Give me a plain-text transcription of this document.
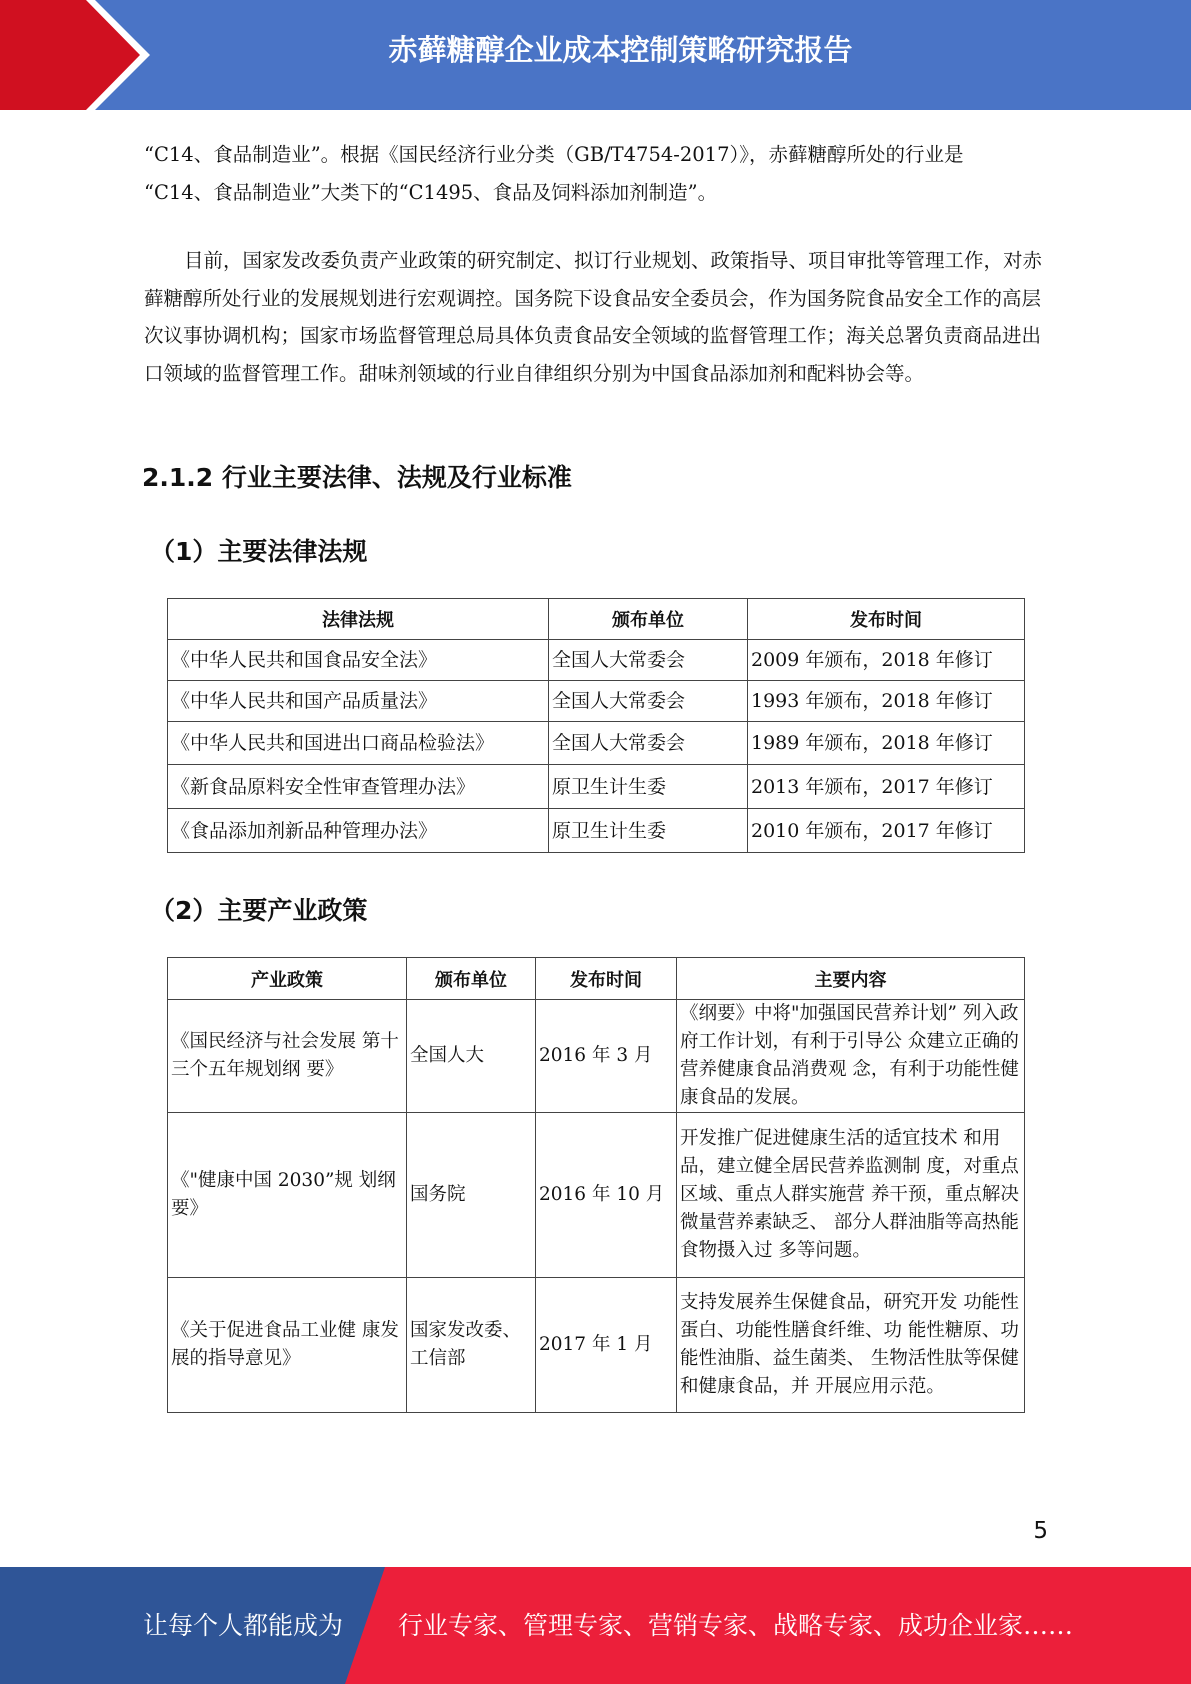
赤藓糖醇企业成本控制策略研究报告

“C14、食品制造业”。根据《国民经济行业分类（GB/T4754-2017）》，赤藓糖醇所处的行业是

“C14、食品制造业”大类下的“C1495、食品及饲料添加剂制造”。

目前，国家发改委负责产业政策的研究制定、拟订行业规划、政策指导、项目审批等管理工作，对赤藓糖醇所处行业的发展规划进行宏观调控。国务院下设食品安全委员会，作为国务院食品安全工作的高层次议事协调机构；国家市场监督管理总局具体负责食品安全领域的监督管理工作；海关总署负责商品进出口领域的监督管理工作。甜味剂领域的行业自律组织分别为中国食品添加剂和配料协会等。

2.1.2 行业主要法律、法规及行业标准
（1）主要法律法规
法律法规	颁布单位	发布时间
《中华人民共和国食品安全法》	全国人大常委会	2009 年颁布，2018 年修订
《中华人民共和国产品质量法》	全国人大常委会	1993 年颁布，2018 年修订
《中华人民共和国进出口商品检验法》	全国人大常委会	1989 年颁布，2018 年修订
《新食品原料安全性审查管理办法》	原卫生计生委	2013 年颁布，2017 年修订
《食品添加剂新品种管理办法》	原卫生计生委	2010 年颁布，2017 年修订
（2）主要产业政策
产业政策	颁布单位	发布时间	主要内容
《国民经济与社会发展 第十三个五年规划纲 要》	全国人大	2016 年 3 月	《纲要》中将"加强国民营养计划” 列入政府工作计划，有利于引导公 众建立正确的营养健康食品消费观 念，有利于功能性健康食品的发展。
《"健康中国 2030”规 划纲要》	国务院	2016 年 10 月	开发推广促进健康生活的适宜技术 和用品，建立健全居民营养监测制 度，对重点区域、重点人群实施营 养干预，重点解决微量营养素缺乏、 部分人群油脂等高热能食物摄入过 多等问题。
《关于促进食品工业健 康发展的指导意见》	国家发改委、工信部	2017 年 1 月	支持发展养生保健食品，研究开发 功能性蛋白、功能性膳食纤维、功 能性糖原、功能性油脂、益生菌类、 生物活性肽等保健和健康食品，并 开展应用示范。
5
让每个人都能成为 行业专家、管理专家、营销专家、战略专家、成功企业家……
